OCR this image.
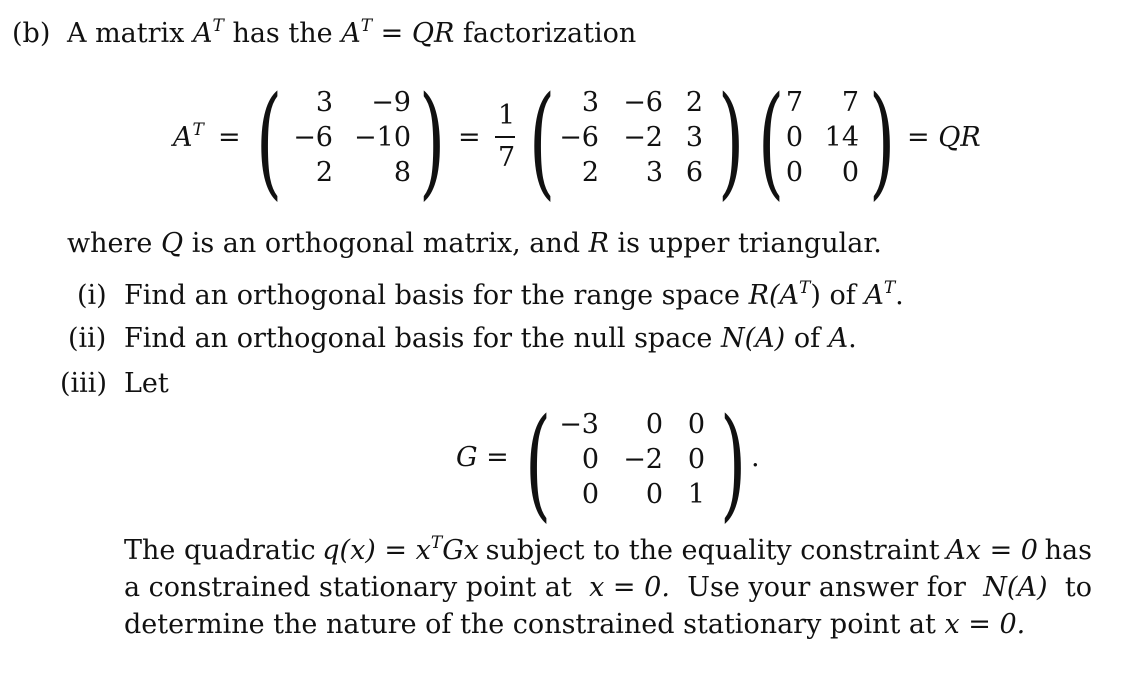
(b) A matrix $A^T$ has the $A^T$ = QR factorization
$A^T$ = ( 3 −9
−6 −10
2 8 ) =
1
7 ( 3 −6 2
−6 −2 3
2 3 6 ) ( 7 7
0 14
0 0 ) = QR
where Q is an orthogonal matrix, and R is upper triangular.
(i) Find an orthogonal basis for the range space $R(A^T)$ of $A^T$.
(ii) Find an orthogonal basis for the null space N(A) of A.
(iii) Let
G = ( −3 0 0
0 −2 0
0 0 1 ) .
The quadratic $q(x) = x^TGx$ subject to the equality constraint Ax = 0 has
a constrained stationary point at x = 0. Use your answer for N(A) to
determine the nature of the constrained stationary point at x = 0.
